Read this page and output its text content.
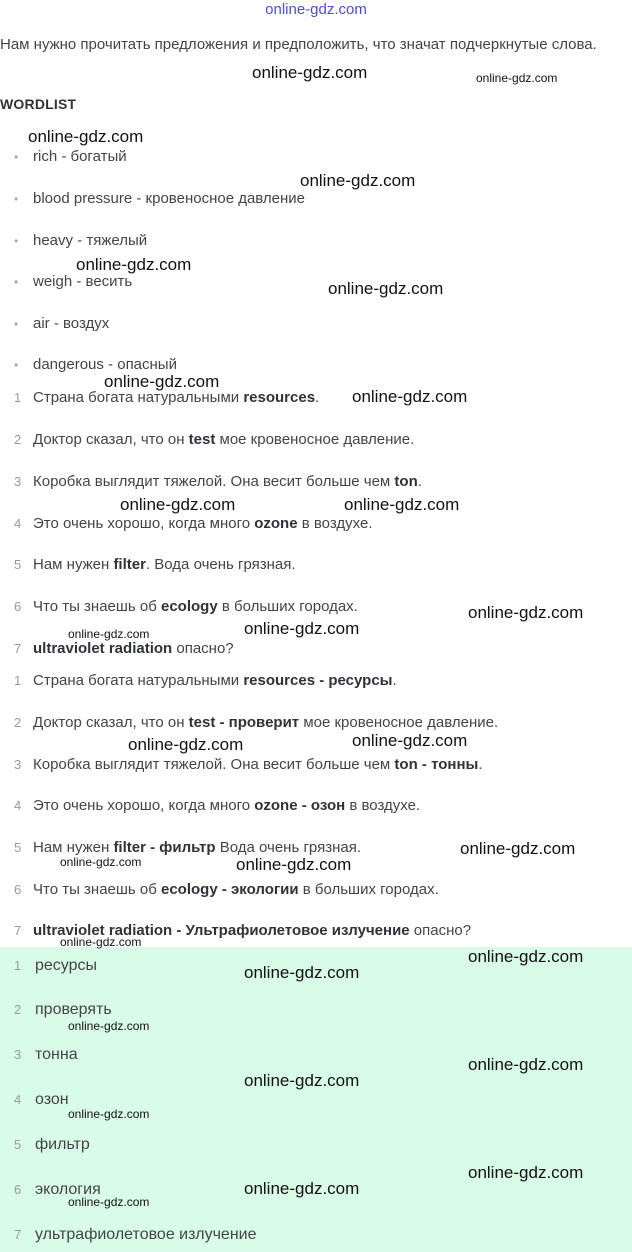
online-gdz.com
Нам нужно прочитать предложения и предположить, что значат подчеркнутые слова.
WORDLIST
• rich - богатый
• blood pressure - кровеносное давление
• heavy - тяжелый
• weigh - весить
• air - воздух
• dangerous - опасный
1 Страна богата натуральными resources.
2 Доктор сказал, что он test мое кровеносное давление.
3 Коробка выглядит тяжелой. Она весит больше чем ton.
4 Это очень хорошо, когда много ozone в воздухе.
5 Нам нужен filter. Вода очень грязная.
6 Что ты знаешь об ecology в больших городах.
7 ultraviolet radiation опасно?
1 Страна богата натуральными resources - ресурсы.
2 Доктор сказал, что он test - проверит мое кровеносное давление.
3 Коробка выглядит тяжелой. Она весит больше чем ton - тонны.
4 Это очень хорошо, когда много ozone - озон в воздухе.
5 Нам нужен filter - фильтр Вода очень грязная.
6 Что ты знаешь об ecology - экологии в больших городах.
7 ultraviolet radiation - Ультрафиолетовое излучение опасно?
1 ресурсы
2 проверять
3 тонна
4 озон
5 фильтр
6 экология
7 ультрафиолетовое излучение
online-gdz.com	online-gdz.com
online-gdz.com
online-gdz.com
online-gdz.com
online-gdz.com
online-gdz.com
online-gdz.com
online-gdz.com	online-gdz.com
online-gdz.com
online-gdz.com
online-gdz.com
online-gdz.com	online-gdz.com
online-gdz.com
online-gdz.com	online-gdz.com
online-gdz.com
online-gdz.com
online-gdz.com
online-gdz.com
online-gdz.com
online-gdz.com
online-gdz.com
online-gdz.com
online-gdz.com
online-gdz.com
